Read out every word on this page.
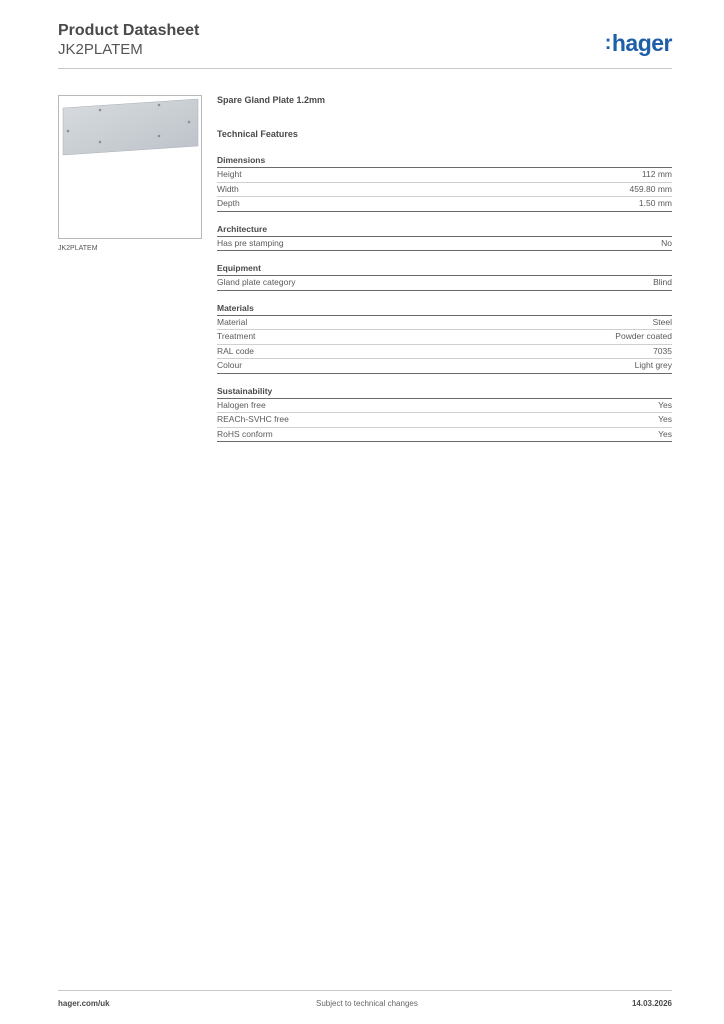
Product Datasheet
JK2PLATEM	:hager
JK2PLATEM
Spare Gland Plate 1.2mm
Technical Features
Dimensions
Height	112 mm
Width	459.80 mm
Depth	1.50 mm
Architecture
Has pre stamping	No
Equipment
Gland plate category	Blind
Materials
Material	Steel
Treatment	Powder coated
RAL code	7035
Colour	Light grey
Sustainability
Halogen free	Yes
REACh-SVHC free	Yes
RoHS conform	Yes
hager.com/uk	Subject to technical changes	14.03.2026
